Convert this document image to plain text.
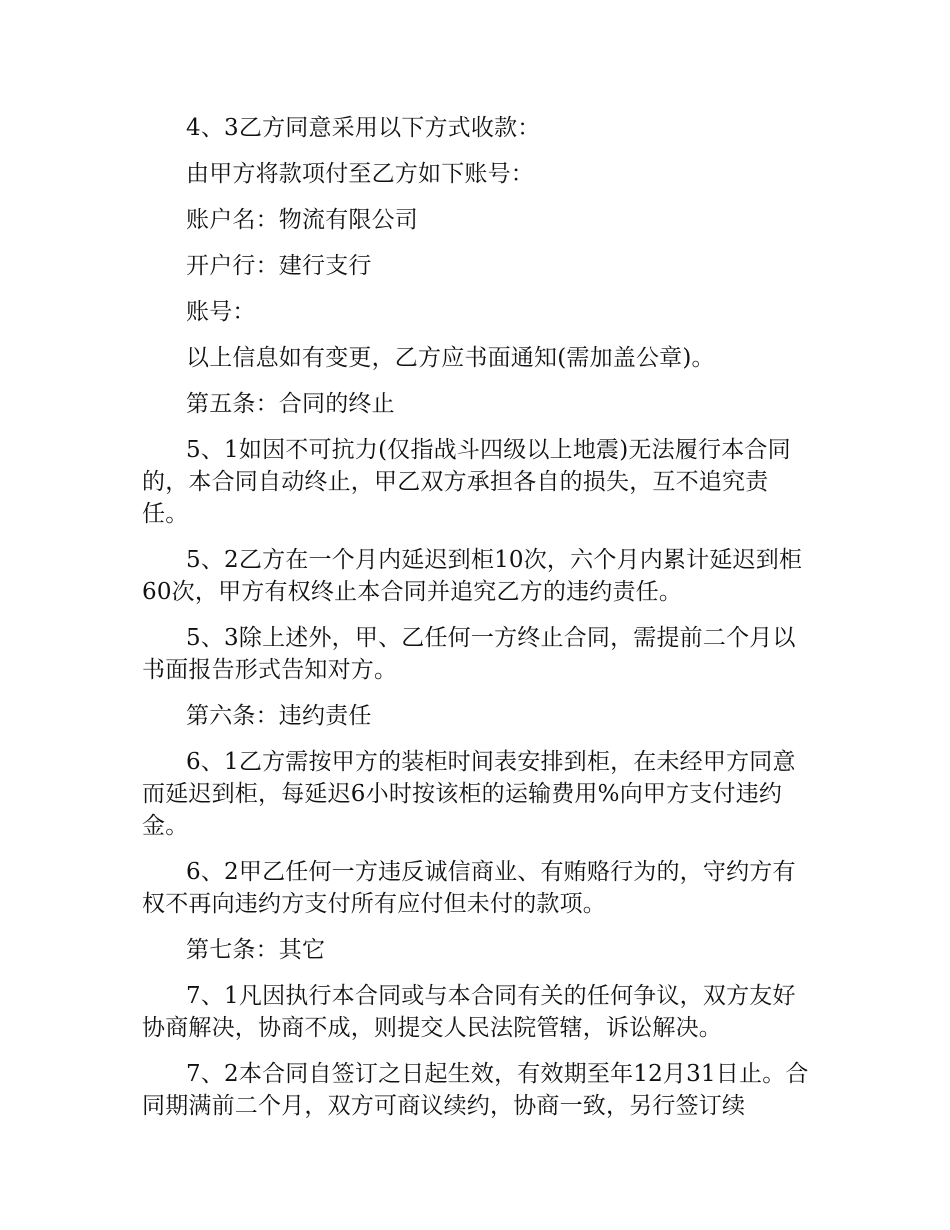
4、3乙方同意采用以下方式收款：

由甲方将款项付至乙方如下账号：

账户名：物流有限公司

开户行：建行支行

账号：

以上信息如有变更，乙方应书面通知(需加盖公章)。

第五条：合同的终止

5、1如因不可抗力(仅指战斗四级以上地震)无法履行本合同的，本合同自动终止，甲乙双方承担各自的损失，互不追究责任。

5、2乙方在一个月内延迟到柜10次，六个月内累计延迟到柜60次，甲方有权终止本合同并追究乙方的违约责任。

5、3除上述外，甲、乙任何一方终止合同，需提前二个月以书面报告形式告知对方。

第六条：违约责任

6、1乙方需按甲方的装柜时间表安排到柜，在未经甲方同意而延迟到柜，每延迟6小时按该柜的运输费用%向甲方支付违约金。

6、2甲乙任何一方违反诚信商业、有贿赂行为的，守约方有权不再向违约方支付所有应付但未付的款项。

第七条：其它

7、1凡因执行本合同或与本合同有关的任何争议，双方友好协商解决，协商不成，则提交人民法院管辖，诉讼解决。

7、2本合同自签订之日起生效，有效期至年12月31日止。合同期满前二个月，双方可商议续约，协商一致，另行签订续
